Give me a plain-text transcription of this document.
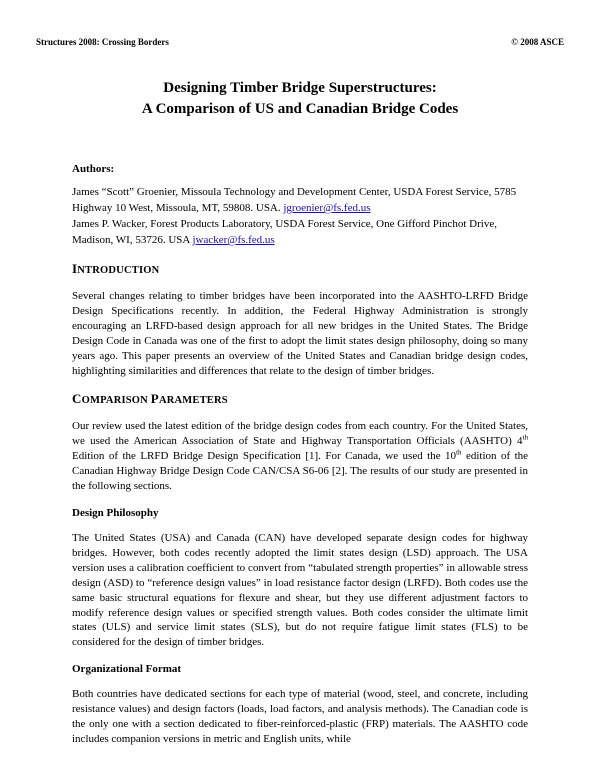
Structures 2008: Crossing Borders	© 2008 ASCE
Designing Timber Bridge Superstructures:
A Comparison of US and Canadian Bridge Codes
Authors:

James “Scott” Groenier, Missoula Technology and Development Center, USDA Forest Service, 5785 Highway 10 West, Missoula, MT, 59808. USA. jgroenier@fs.fed.us

James P. Wacker, Forest Products Laboratory, USDA Forest Service, One Gifford Pinchot Drive, Madison, WI, 53726. USA jwacker@fs.fed.us

INTRODUCTION
Several changes relating to timber bridges have been incorporated into the AASHTO-LRFD Bridge Design Specifications recently. In addition, the Federal Highway Administration is strongly encouraging an LRFD-based design approach for all new bridges in the United States. The Bridge Design Code in Canada was one of the first to adopt the limit states design philosophy, doing so many years ago. This paper presents an overview of the United States and Canadian bridge design codes, highlighting similarities and differences that relate to the design of timber bridges.
COMPARISON PARAMETERS
Our review used the latest edition of the bridge design codes from each country. For the United States, we used the American Association of State and Highway Transportation Officials (AASHTO) 4th Edition of the LRFD Bridge Design Specification [1]. For Canada, we used the 10th edition of the Canadian Highway Bridge Design Code CAN/CSA S6-06 [2]. The results of our study are presented in the following sections.
Design Philosophy
The United States (USA) and Canada (CAN) have developed separate design codes for highway bridges. However, both codes recently adopted the limit states design (LSD) approach. The USA version uses a calibration coefficient to convert from “tabulated strength properties” in allowable stress design (ASD) to “reference design values” in load resistance factor design (LRFD). Both codes use the same basic structural equations for flexure and shear, but they use different adjustment factors to modify reference design values or specified strength values. Both codes consider the ultimate limit states (ULS) and service limit states (SLS), but do not require fatigue limit states (FLS) to be considered for the design of timber bridges.
Organizational Format
Both countries have dedicated sections for each type of material (wood, steel, and concrete, including resistance values) and design factors (loads, load factors, and analysis methods). The Canadian code is the only one with a section dedicated to fiber-reinforced-plastic (FRP) materials. The AASHTO code includes companion versions in metric and English units, while
